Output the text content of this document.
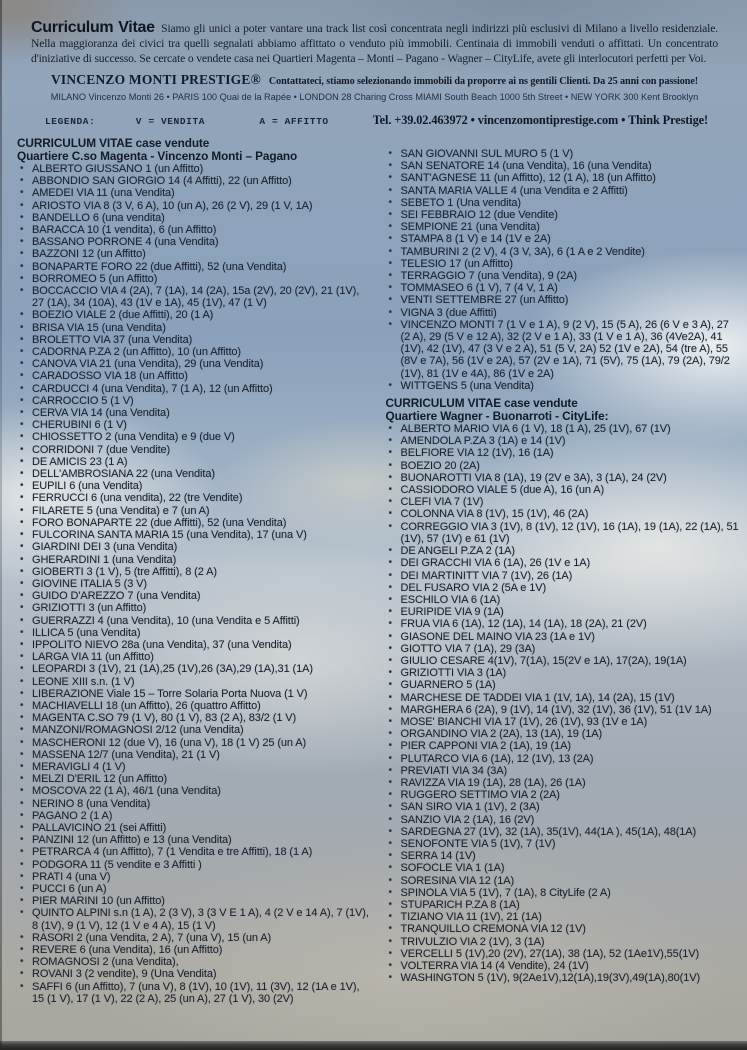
Curriculum Vitae Siamo gli unici a poter vantare una track list così concentrata negli indirizzi più esclusivi di Milano a livello residenziale. Nella maggioranza dei civici tra quelli segnalati abbiamo affittato o venduto più immobili. Centinaia di immobili venduti o affittati. Un concentrato d'iniziative di successo. Se cercate o vendete casa nei Quartieri Magenta – Monti – Pagano - Wagner – CityLife, avete gli interlocutori perfetti per Voi.

VINCENZO MONTI PRESTIGE® Contattateci, stiamo selezionando immobili da proporre ai ns gentili Clienti. Da 25 anni con passione!

MILANO Vincenzo Monti 26 • PARIS 100 Quai de la Rapée • LONDON 28 Charing Cross MIAMI South Beach 1000 5th Street • NEW YORK 300 Kent Brooklyn

LEGENDA:	V = VENDITA	A = AFFITTO	Tel. +39.02.463972 • vincenzomontiprestige.com • Think Prestige!
CURRICULUM VITAE case vendute
Quartiere C.so Magenta - Vincenzo Monti – Pagano
• ALBERTO GIUSSANO 1 (un Affitto)
• ABBONDIO SAN GIORGIO 14 (4 Affitti), 22 (un Affitto)
• AMEDEI VIA 11 (una Vendita)
• ARIOSTO VIA 8 (3 V, 6 A), 10 (un A), 26 (2 V), 29 (1 V, 1A)
• BANDELLO 6 (una vendita)
• BARACCA 10 (1 vendita), 6 (un Affitto)
• BASSANO PORRONE 4 (una Vendita)
• BAZZONI 12 (un Affitto)
• BONAPARTE FORO 22 (due Affitti), 52 (una Vendita)
• BORROMEO 5 (un Affitto)
• BOCCACCIO VIA 4 (2A), 7 (1A), 14 (2A), 15a (2V), 20 (2V), 21 (1V), 27 (1A), 34 (10A), 43 (1V e 1A), 45 (1V), 47 (1 V)
• BOEZIO VIALE 2 (due Affitti), 20 (1 A)
• BRISA VIA 15 (una Vendita)
• BROLETTO VIA 37 (una Vendita)
• CADORNA P.ZA 2 (un Affitto), 10 (un Affitto)
• CANOVA VIA 21 (una Vendita), 29 (una Vendita)
• CARADOSSO VIA 18 (un Affitto)
• CARDUCCI 4 (una Vendita), 7 (1 A), 12 (un Affitto)
• CARROCCIO 5 (1 V)
• CERVA VIA 14 (una Vendita)
• CHERUBINI 6 (1 V)
• CHIOSSETTO 2 (una Vendita) e 9 (due V)
• CORRIDONI 7 (due Vendite)
• DE AMICIS 23 (1 A)
• DELL'AMBROSIANA 22 (una Vendita)
• EUPILI 6 (una Vendita)
• FERRUCCI 6 (una vendita), 22 (tre Vendite)
• FILARETE 5 (una Vendita) e 7 (un A)
• FORO BONAPARTE 22 (due Affitti), 52 (una Vendita)
• FULCORINA SANTA MARIA 15 (una Vendita), 17 (una V)
• GIARDINI DEI 3 (una Vendita)
• GHERARDINI 1 (una Vendita)
• GIOBERTI 3 (1 V), 5 (tre Affitti), 8 (2 A)
• GIOVINE ITALIA 5 (3 V)
• GUIDO D'AREZZO 7 (una Vendita)
• GRIZIOTTI 3 (un Affitto)
• GUERRAZZI 4 (una Vendita), 10 (una Vendita e 5 Affitti)
• ILLICA 5 (una Vendita)
• IPPOLITO NIEVO 28a (una Vendita), 37 (una Vendita)
• LARGA VIA 11 (un Affitto)
• LEOPARDI 3 (1V), 21 (1A),25 (1V),26 (3A),29 (1A),31 (1A)
• LEONE XIII s.n. (1 V)
• LIBERAZIONE Viale 15 – Torre Solaria Porta Nuova (1 V)
• MACHIAVELLI 18 (un Affitto), 26 (quattro Affitto)
• MAGENTA C.SO 79 (1 V), 80 (1 V), 83 (2 A), 83/2 (1 V)
• MANZONI/ROMAGNOSI 2/12 (una Vendita)
• MASCHERONI 12 (due V), 16 (una V), 18 (1 V) 25 (un A)
• MASSENA 12/7 (una Vendita), 21 (1 V)
• MERAVIGLI 4 (1 V)
• MELZI D'ERIL 12 (un Affitto)
• MOSCOVA 22 (1 A), 46/1 (una Vendita)
• NERINO 8 (una Vendita)
• PAGANO 2 (1 A)
• PALLAVICINO 21 (sei Affitti)
• PANZINI 12 (un Affitto) e 13 (una Vendita)
• PETRARCA 4 (un Affitto), 7 (1 Vendita e tre Affitti), 18 (1 A)
• PODGORA 11 (5 vendite e 3 Affitti )
• PRATI 4 (una V)
• PUCCI 6 (un A)
• PIER MARINI 10 (un Affitto)
• QUINTO ALPINI s.n (1 A), 2 (3 V), 3 (3 V E 1 A), 4 (2 V e 14 A), 7 (1V), 8 (1V), 9 (1 V), 12 (1 V e 4 A), 15 (1 V)
• RASORI 2 (una Vendita, 2 A), 7 (una V), 15 (un A)
• REVERE 6 (una Vendita), 16 (un Affitto)
• ROMAGNOSI 2 (una Vendita),
• ROVANI 3 (2 vendite), 9 (Una Vendita)
• SAFFI 6 (un Affitto), 7 (una V), 8 (1V), 10 (1V), 11 (3V), 12 (1A e 1V), 15 (1 V), 17 (1 V), 22 (2 A), 25 (un A), 27 (1 V), 30 (2V)
• SAN GIOVANNI SUL MURO 5 (1 V)
• SAN SENATORE 14 (una Vendita), 16 (una Vendita)
• SANT'AGNESE 11 (un Affitto), 12 (1 A), 18 (un Affitto)
• SANTA MARIA VALLE 4 (una Vendita e 2 Affitti)
• SEBETO 1 (Una vendita)
• SEI FEBBRAIO 12 (due Vendite)
• SEMPIONE 21 (una Vendita)
• STAMPA 8 (1 V) e 14 (1V e 2A)
• TAMBURINI 2 (2 V), 4 (3 V, 3A), 6 (1 A e 2 Vendite)
• TELESIO 17 (un Affitto)
• TERRAGGIO 7 (una Vendita), 9 (2A)
• TOMMASEO 6 (1 V), 7 (4 V, 1 A)
• VENTI SETTEMBRE 27 (un Affitto)
• VIGNA 3 (due Affitti)
• VINCENZO MONTI 7 (1 V e 1 A), 9 (2 V), 15 (5 A), 26 (6 V e 3 A), 27 (2 A), 29 (5 V e 12 A), 32 (2 V e 1 A), 33 (1 V e 1 A), 36 (4Ve2A), 41 (1V), 42 (1V), 47 (3 V e 2 A), 51 (5 V, 2A) 52 (1V e 2A), 54 (tre A), 55 (8V e 7A), 56 (1V e 2A), 57 (2V e 1A), 71 (5V), 75 (1A), 79 (2A), 79/2 (1V), 81 (1V e 4A), 86 (1V e 2A)
• WITTGENS 5 (una Vendita)
CURRICULUM VITAE case vendute
Quartiere Wagner - Buonarroti - CityLife:
• ALBERTO MARIO VIA 6 (1 V), 18 (1 A), 25 (1V), 67 (1V)
• AMENDOLA P.ZA 3 (1A) e 14 (1V)
• BELFIORE VIA 12 (1V), 16 (1A)
• BOEZIO 20 (2A)
• BUONAROTTI VIA 8 (1A), 19 (2V e 3A), 3 (1A), 24 (2V)
• CASSIODORO VIALE 5 (due A), 16 (un A)
• CLEFI VIA 7 (1V)
• COLONNA VIA 8 (1V), 15 (1V), 46 (2A)
• CORREGGIO VIA 3 (1V), 8 (1V), 12 (1V), 16 (1A), 19 (1A), 22 (1A), 51 (1V), 57 (1V) e 61 (1V)
• DE ANGELI P.ZA 2 (1A)
• DEI GRACCHI VIA 6 (1A), 26 (1V e 1A)
• DEI MARTINITT VIA 7 (1V), 26 (1A)
• DEL FUSARO VIA 2 (5A e 1V)
• ESCHILO VIA 6 (1A)
• EURIPIDE VIA 9 (1A)
• FRUA VIA 6 (1A), 12 (1A), 14 (1A), 18 (2A), 21 (2V)
• GIASONE DEL MAINO VIA 23 (1A e 1V)
• GIOTTO VIA 7 (1A), 29 (3A)
• GIULIO CESARE 4(1V), 7(1A), 15(2V e 1A), 17(2A), 19(1A)
• GRIZIOTTI VIA 3 (1A)
• GUARNERO 5 (1A)
• MARCHESE DE TADDEI VIA 1 (1V, 1A), 14 (2A), 15 (1V)
• MARGHERA 6 (2A), 9 (1V), 14 (1V), 32 (1V), 36 (1V), 51 (1V 1A)
• MOSE' BIANCHI VIA 17 (1V), 26 (1V), 93 (1V e 1A)
• ORGANDINO VIA 2 (2A), 13 (1A), 19 (1A)
• PIER CAPPONI VIA 2 (1A), 19 (1A)
• PLUTARCO VIA 6 (1A), 12 (1V), 13 (2A)
• PREVIATI VIA 34 (3A)
• RAVIZZA VIA 19 (1A), 28 (1A), 26 (1A)
• RUGGERO SETTIMO VIA 2 (2A)
• SAN SIRO VIA 1 (1V), 2 (3A)
• SANZIO VIA 2 (1A), 16 (2V)
• SARDEGNA 27 (1V), 32 (1A), 35(1V), 44(1A ), 45(1A), 48(1A)
• SENOFONTE VIA 5 (1V), 7 (1V)
• SERRA 14 (1V)
• SOFOCLE VIA 1 (1A)
• SORESINA VIA 12 (1A)
• SPINOLA VIA 5 (1V), 7 (1A), 8 CityLife (2 A)
• STUPARICH P.ZA 8 (1A)
• TIZIANO VIA 11 (1V), 21 (1A)
• TRANQUILLO CREMONA VIA 12 (1V)
• TRIVULZIO VIA 2 (1V), 3 (1A)
• VERCELLI 5 (1V),20 (2V), 27(1A), 38 (1A), 52 (1Ae1V),55(1V)
• VOLTERRA VIA 14 (4 Vendite), 24 (1V)
• WASHINGTON 5 (1V), 9(2Ae1V),12(1A),19(3V),49(1A),80(1V)
